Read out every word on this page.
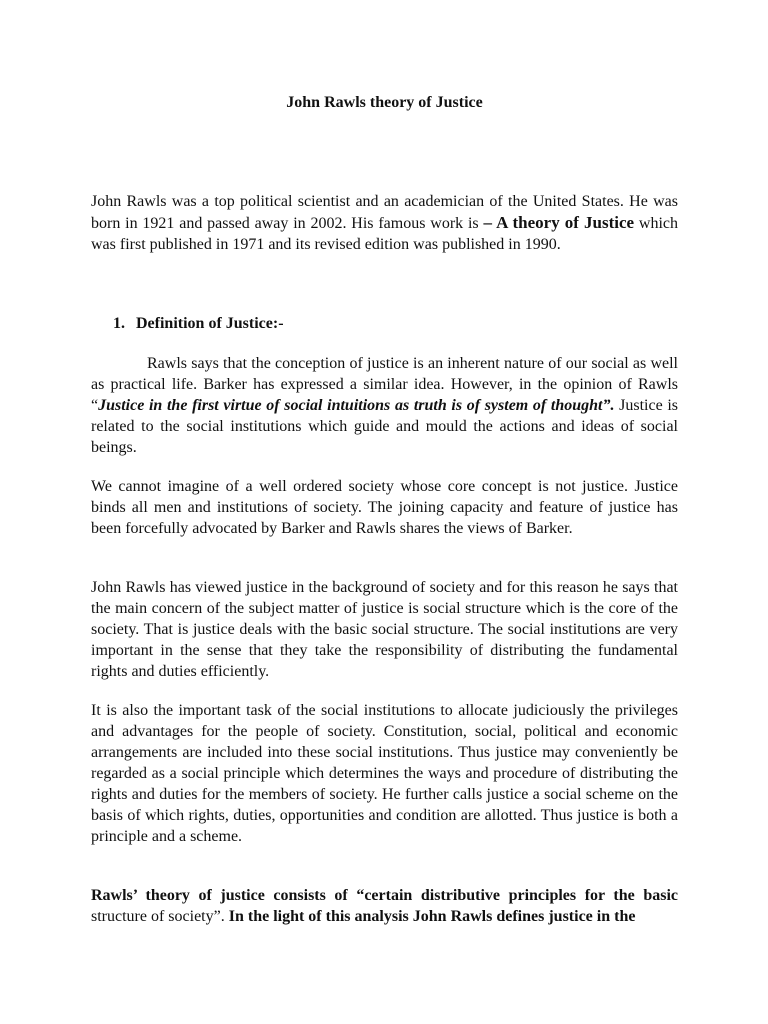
John Rawls theory of Justice

John Rawls was a top political scientist and an academician of the United States. He was born in 1921 and passed away in 2002. His famous work is – A theory of Justice which was first published in 1971 and its revised edition was published in 1990.

1. Definition of Justice:-

Rawls says that the conception of justice is an inherent nature of our social as well as practical life. Barker has expressed a similar idea. However, in the opinion of Rawls “Justice in the first virtue of social intuitions as truth is of system of thought”. Justice is related to the social institutions which guide and mould the actions and ideas of social beings.

We cannot imagine of a well ordered society whose core concept is not justice. Justice binds all men and institutions of society. The joining capacity and feature of justice has been forcefully advocated by Barker and Rawls shares the views of Barker.

John Rawls has viewed justice in the background of society and for this reason he says that the main concern of the subject matter of justice is social structure which is the core of the society. That is justice deals with the basic social structure. The social institutions are very important in the sense that they take the responsibility of distributing the fundamental rights and duties efficiently.

It is also the important task of the social institutions to allocate judiciously the privileges and advantages for the people of society. Constitution, social, political and economic arrangements are included into these social institutions. Thus justice may conveniently be regarded as a social principle which determines the ways and procedure of distributing the rights and duties for the members of society. He further calls justice a social scheme on the basis of which rights, duties, opportunities and condition are allotted. Thus justice is both a principle and a scheme.

Rawls’ theory of justice consists of “certain distributive principles for the basic structure of society”. In the light of this analysis John Rawls defines justice in the
